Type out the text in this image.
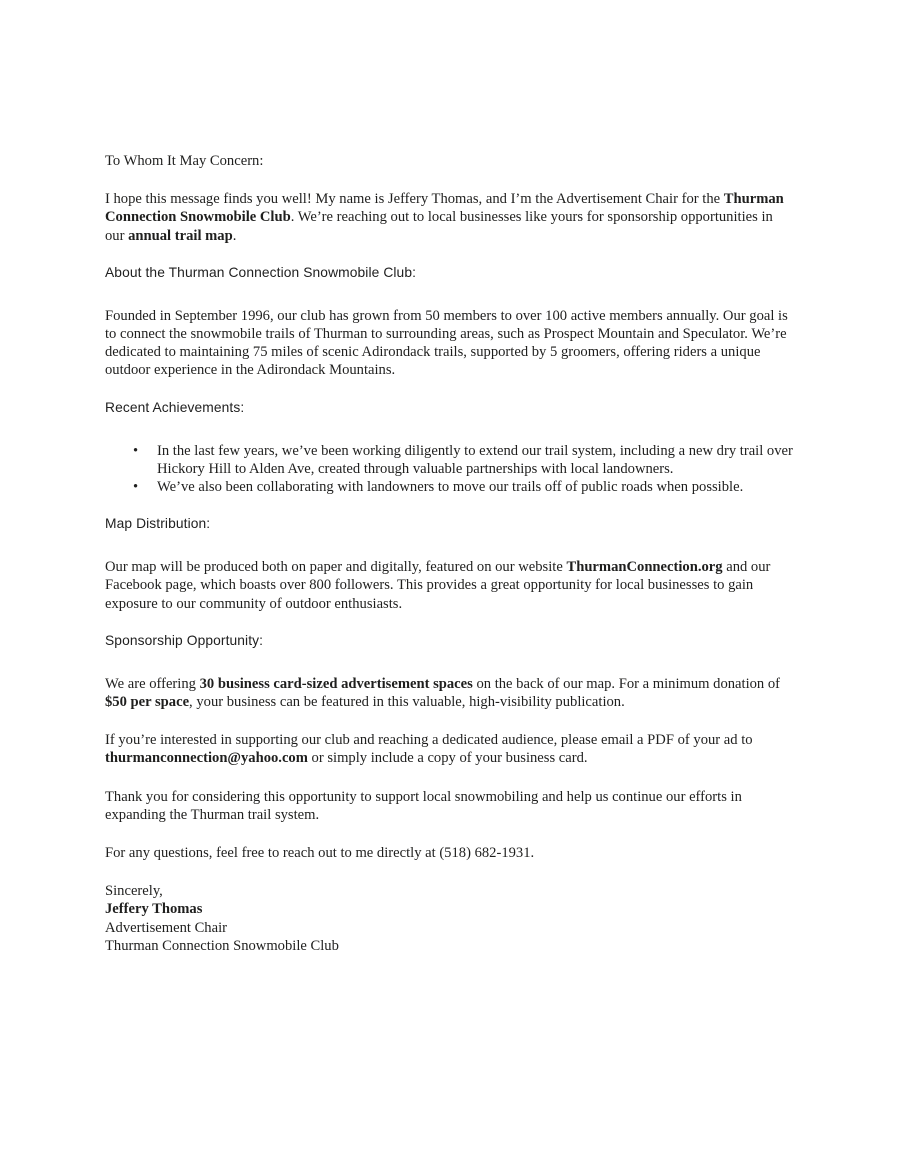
To Whom It May Concern:

I hope this message finds you well! My name is Jeffery Thomas, and I’m the Advertisement Chair for the Thurman Connection Snowmobile Club. We’re reaching out to local businesses like yours for sponsorship opportunities in our annual trail map.

About the Thurman Connection Snowmobile Club:

Founded in September 1996, our club has grown from 50 members to over 100 active members annually. Our goal is to connect the snowmobile trails of Thurman to surrounding areas, such as Prospect Mountain and Speculator. We’re dedicated to maintaining 75 miles of scenic Adirondack trails, supported by 5 groomers, offering riders a unique outdoor experience in the Adirondack Mountains.

Recent Achievements:

• In the last few years, we’ve been working diligently to extend our trail system, including a new dry trail over Hickory Hill to Alden Ave, created through valuable partnerships with local landowners.
• We’ve also been collaborating with landowners to move our trails off of public roads when possible.

Map Distribution:

Our map will be produced both on paper and digitally, featured on our website ThurmanConnection.org and our Facebook page, which boasts over 800 followers. This provides a great opportunity for local businesses to gain exposure to our community of outdoor enthusiasts.

Sponsorship Opportunity:

We are offering 30 business card-sized advertisement spaces on the back of our map. For a minimum donation of $50 per space, your business can be featured in this valuable, high-visibility publication.

If you’re interested in supporting our club and reaching a dedicated audience, please email a PDF of your ad to thurmanconnection@yahoo.com or simply include a copy of your business card.

Thank you for considering this opportunity to support local snowmobiling and help us continue our efforts in expanding the Thurman trail system.

For any questions, feel free to reach out to me directly at (518) 682-1931.

Sincerely,

Jeffery Thomas

Advertisement Chair

Thurman Connection Snowmobile Club
